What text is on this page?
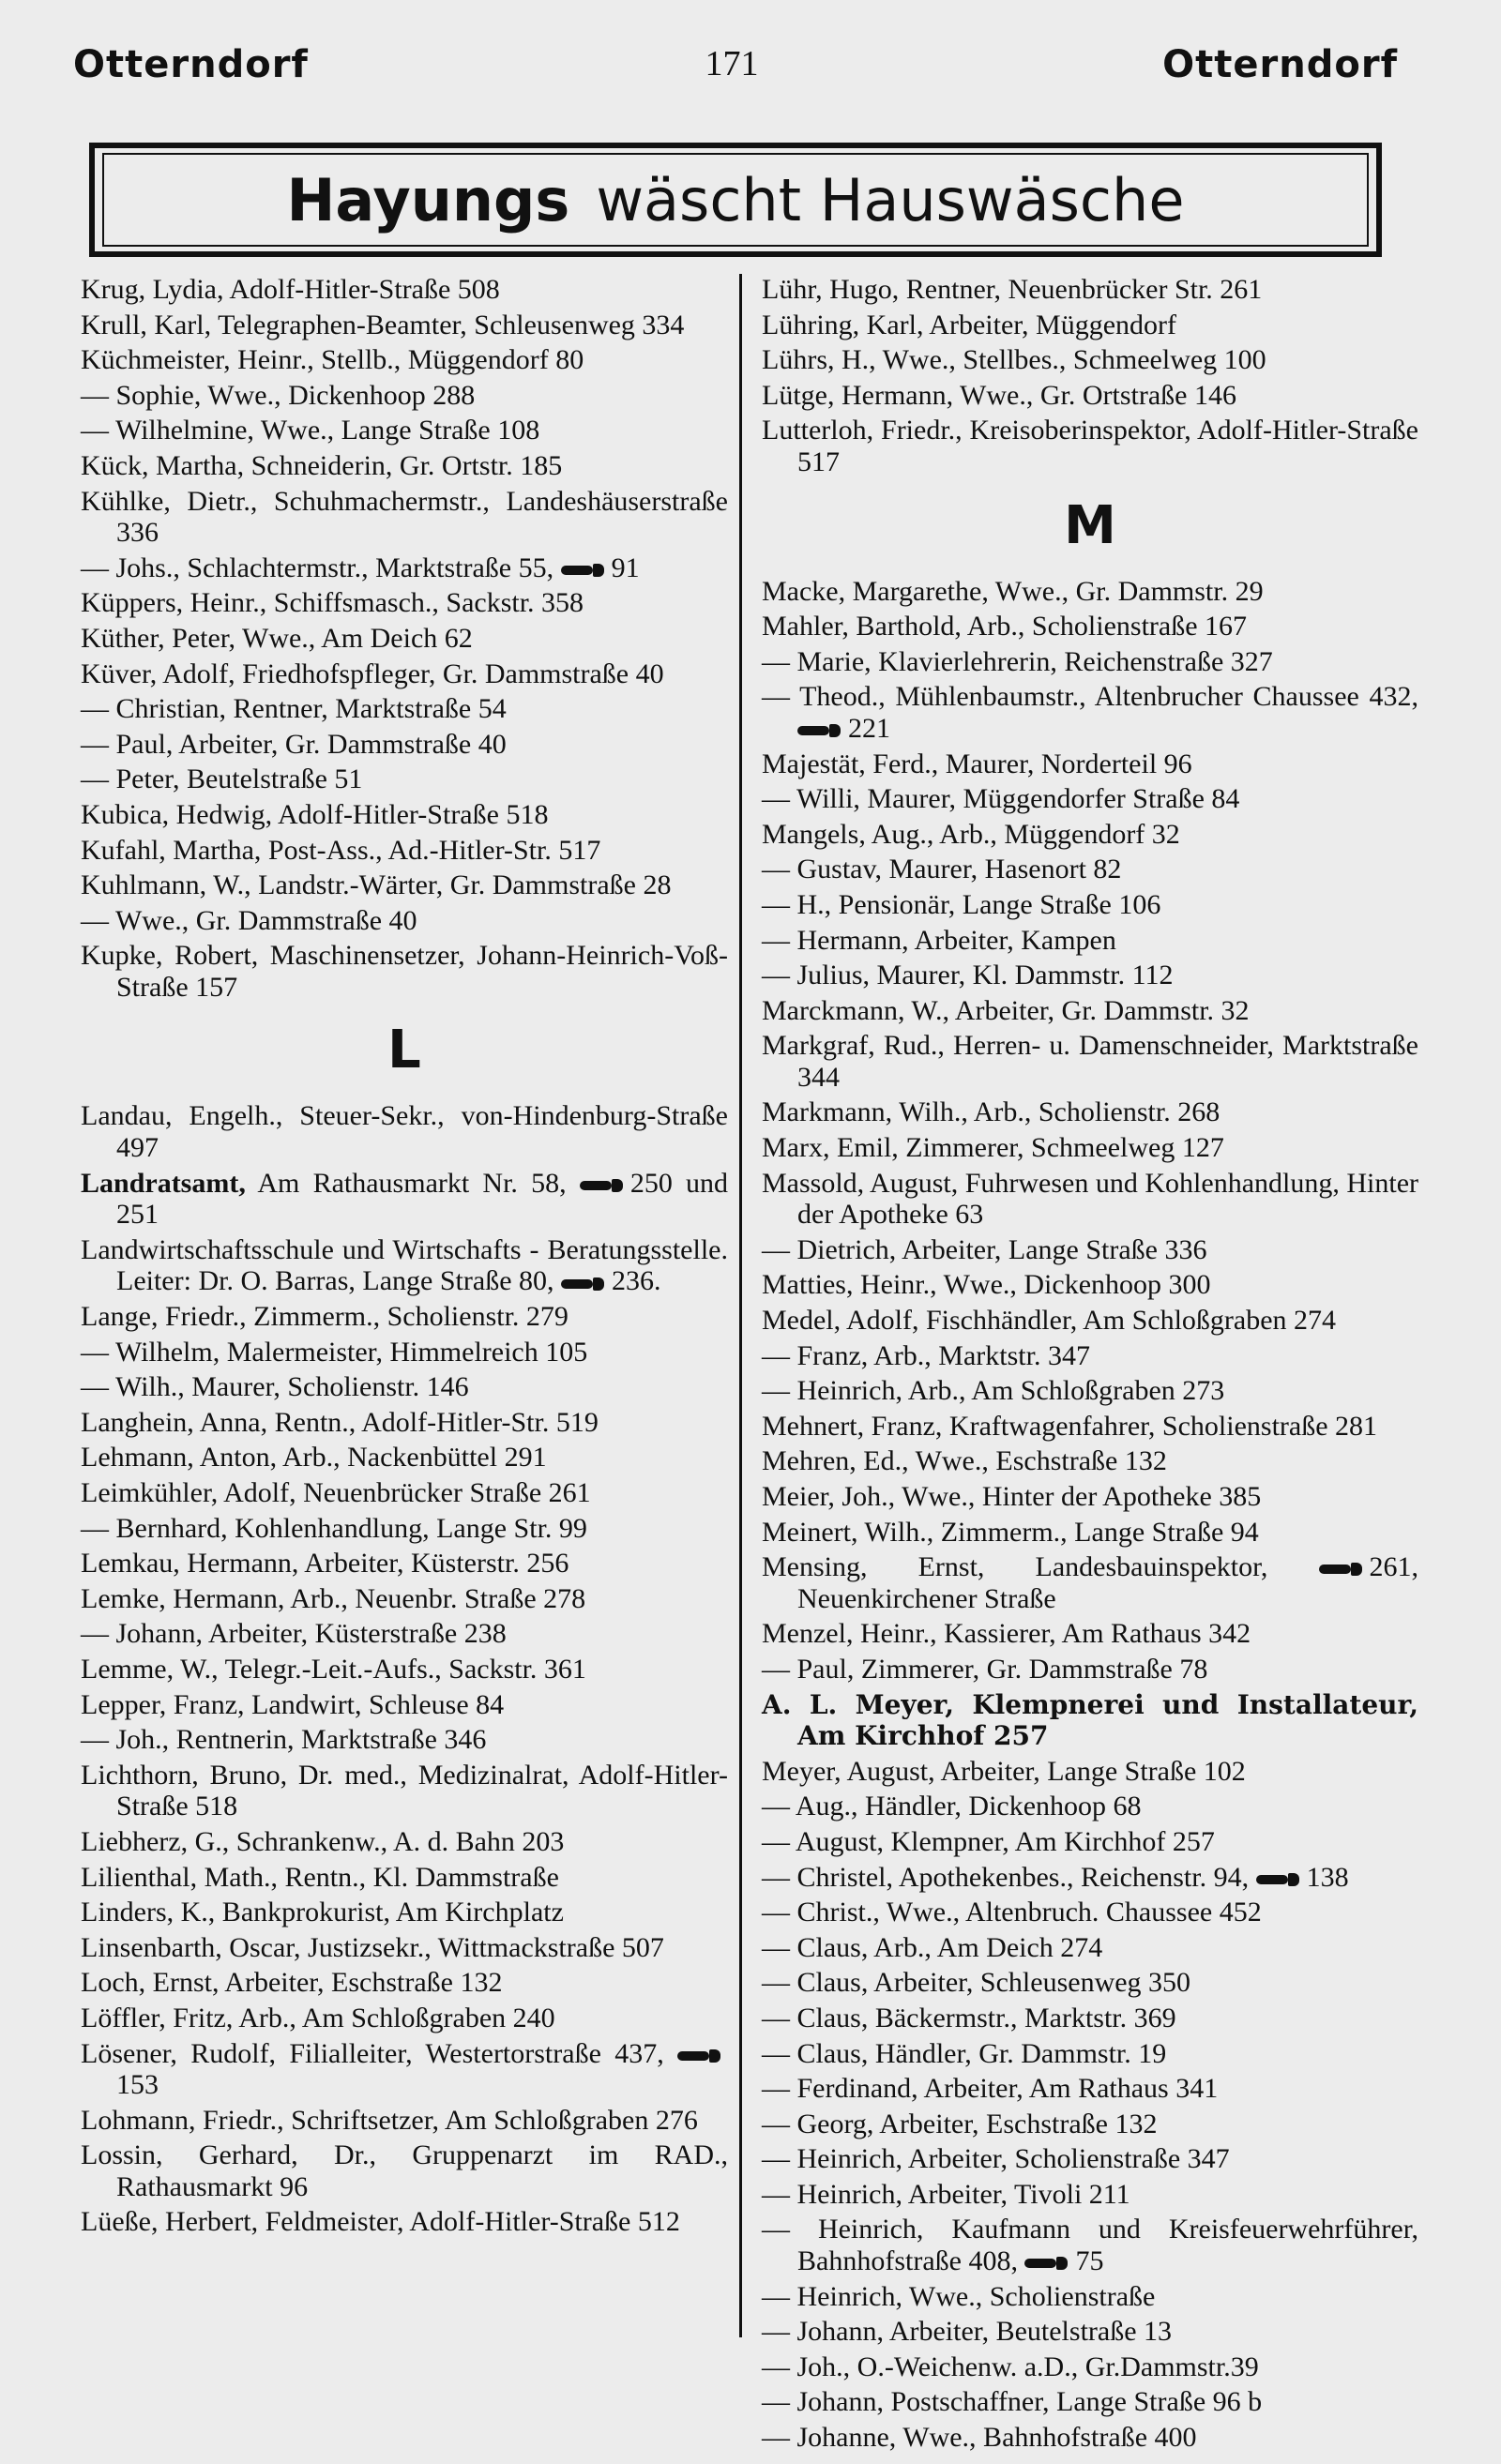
Otterndorf	171	Otterndorf
Hayungs wäscht Hauswäsche
Krug, Lydia, Adolf-Hitler-Straße 508
Krull, Karl, Telegraphen-Beamter, Schleusenweg 334
Küchmeister, Heinr., Stellb., Müggendorf 80
— Sophie, Wwe., Dickenhoop 288
— Wilhelmine, Wwe., Lange Straße 108
Kück, Martha, Schneiderin, Gr. Ortstr. 185
Kühlke, Dietr., Schuhmachermstr., Landeshäuserstraße 336
— Johs., Schlachtermstr., Marktstraße 55, 91
Küppers, Heinr., Schiffsmasch., Sackstr. 358
Küther, Peter, Wwe., Am Deich 62
Küver, Adolf, Friedhofspfleger, Gr. Dammstraße 40
— Christian, Rentner, Marktstraße 54
— Paul, Arbeiter, Gr. Dammstraße 40
— Peter, Beutelstraße 51
Kubica, Hedwig, Adolf-Hitler-Straße 518
Kufahl, Martha, Post-Ass., Ad.-Hitler-Str. 517
Kuhlmann, W., Landstr.-Wärter, Gr. Dammstraße 28
— Wwe., Gr. Dammstraße 40
Kupke, Robert, Maschinensetzer, Johann-Heinrich-Voß-Straße 157
L
Landau, Engelh., Steuer-Sekr., von-Hindenburg-Straße 497
Landratsamt, Am Rathausmarkt Nr. 58, 250 und 251
Landwirtschaftsschule und Wirtschafts - Beratungsstelle. Leiter: Dr. O. Barras, Lange Straße 80, 236.
Lange, Friedr., Zimmerm., Scholienstr. 279
— Wilhelm, Malermeister, Himmelreich 105
— Wilh., Maurer, Scholienstr. 146
Langhein, Anna, Rentn., Adolf-Hitler-Str. 519
Lehmann, Anton, Arb., Nackenbüttel 291
Leimkühler, Adolf, Neuenbrücker Straße 261
— Bernhard, Kohlenhandlung, Lange Str. 99
Lemkau, Hermann, Arbeiter, Küsterstr. 256
Lemke, Hermann, Arb., Neuenbr. Straße 278
— Johann, Arbeiter, Küsterstraße 238
Lemme, W., Telegr.-Leit.-Aufs., Sackstr. 361
Lepper, Franz, Landwirt, Schleuse 84
— Joh., Rentnerin, Marktstraße 346
Lichthorn, Bruno, Dr. med., Medizinalrat, Adolf-Hitler-Straße 518
Liebherz, G., Schrankenw., A. d. Bahn 203
Lilienthal, Math., Rentn., Kl. Dammstraße
Linders, K., Bankprokurist, Am Kirchplatz
Linsenbarth, Oscar, Justizsekr., Wittmackstraße 507
Loch, Ernst, Arbeiter, Eschstraße 132
Löffler, Fritz, Arb., Am Schloßgraben 240
Lösener, Rudolf, Filialleiter, Westertorstraße 437, 153
Lohmann, Friedr., Schriftsetzer, Am Schloßgraben 276
Lossin, Gerhard, Dr., Gruppenarzt im RAD., Rathausmarkt 96
Lüeße, Herbert, Feldmeister, Adolf-Hitler-Straße 512
Lühr, Hugo, Rentner, Neuenbrücker Str. 261
Lühring, Karl, Arbeiter, Müggendorf
Lührs, H., Wwe., Stellbes., Schmeelweg 100
Lütge, Hermann, Wwe., Gr. Ortstraße 146
Lutterloh, Friedr., Kreisoberinspektor, Adolf-Hitler-Straße 517
M
Macke, Margarethe, Wwe., Gr. Dammstr. 29
Mahler, Barthold, Arb., Scholienstraße 167
— Marie, Klavierlehrerin, Reichenstraße 327
— Theod., Mühlenbaumstr., Altenbrucher Chaussee 432, 221
Majestät, Ferd., Maurer, Norderteil 96
— Willi, Maurer, Müggendorfer Straße 84
Mangels, Aug., Arb., Müggendorf 32
— Gustav, Maurer, Hasenort 82
— H., Pensionär, Lange Straße 106
— Hermann, Arbeiter, Kampen
— Julius, Maurer, Kl. Dammstr. 112
Marckmann, W., Arbeiter, Gr. Dammstr. 32
Markgraf, Rud., Herren- u. Damenschneider, Marktstraße 344
Markmann, Wilh., Arb., Scholienstr. 268
Marx, Emil, Zimmerer, Schmeelweg 127
Massold, August, Fuhrwesen und Kohlenhandlung, Hinter der Apotheke 63
— Dietrich, Arbeiter, Lange Straße 336
Matties, Heinr., Wwe., Dickenhoop 300
Medel, Adolf, Fischhändler, Am Schloßgraben 274
— Franz, Arb., Marktstr. 347
— Heinrich, Arb., Am Schloßgraben 273
Mehnert, Franz, Kraftwagenfahrer, Scholienstraße 281
Mehren, Ed., Wwe., Eschstraße 132
Meier, Joh., Wwe., Hinter der Apotheke 385
Meinert, Wilh., Zimmerm., Lange Straße 94
Mensing, Ernst, Landesbauinspektor,	261, Neuenkirchener Straße
Menzel, Heinr., Kassierer, Am Rathaus 342
— Paul, Zimmerer, Gr. Dammstraße 78
A. L. Meyer, Klempnerei und Installateur, Am Kirchhof 257
Meyer, August, Arbeiter, Lange Straße 102
— Aug., Händler, Dickenhoop 68
— August, Klempner, Am Kirchhof 257
— Christel, Apothekenbes., Reichenstr. 94, 138
— Christ., Wwe., Altenbruch. Chaussee 452
— Claus, Arb., Am Deich 274
— Claus, Arbeiter, Schleusenweg 350
— Claus, Bäckermstr., Marktstr. 369
— Claus, Händler, Gr. Dammstr. 19
— Ferdinand, Arbeiter, Am Rathaus 341
— Georg, Arbeiter, Eschstraße 132
— Heinrich, Arbeiter, Scholienstraße 347
— Heinrich, Arbeiter, Tivoli 211
— Heinrich, Kaufmann und Kreisfeuerwehrführer, Bahnhofstraße 408, 75
— Heinrich, Wwe., Scholienstraße
— Johann, Arbeiter, Beutelstraße 13
— Joh., O.-Weichenw. a.D., Gr.Dammstr.39
— Johann, Postschaffner, Lange Straße 96 b
— Johanne, Wwe., Bahnhofstraße 400
